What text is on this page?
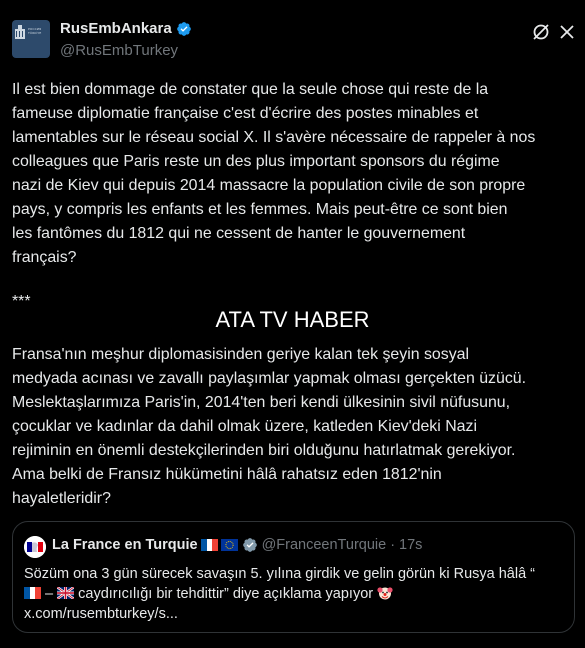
РОССИЯ
TÜRKİYE	RusEmbAnkara
@RusEmbTurkey
Il est bien dommage de constater que la seule chose qui reste de la
fameuse diplomatie française c'est d'écrire des postes minables et
lamentables sur le réseau social X. Il s'avère nécessaire de rappeler à nos
colleagues que Paris reste un des plus important sponsors du régime
nazi de Kiev qui depuis 2014 massacre la population civile de son propre
pays, y compris les enfants et les femmes. Mais peut-être ce sont bien
les fantômes du 1812 qui ne cessent de hanter le gouvernement
français?
***
ATA TV HABER
Fransa'nın meşhur diplomasisinden geriye kalan tek şeyin sosyal
medyada acınası ve zavallı paylaşımlar yapmak olması gerçekten üzücü.
Meslektaşlarımıza Paris'in, 2014'ten beri kendi ülkesinin sivil nüfusunu,
çocuklar ve kadınlar da dahil olmak üzere, katleden Kiev'deki Nazi
rejiminin en önemli destekçilerinden biri olduğunu hatırlatmak gerekiyor.
Ama belki de Fransız hükümetini hâlâ rahatsız eden 1812'nin
hayaletleridir?
La France en Turquie	@FranceenTurquie · 17s
Sözüm ona 3 gün sürecek savaşın 5. yılına girdik ve gelin görün ki Rusya hâlâ “
–  caydırıcılığı bir tehdittir” diye açıklama yapıyor
x.com/rusembturkey/s...
